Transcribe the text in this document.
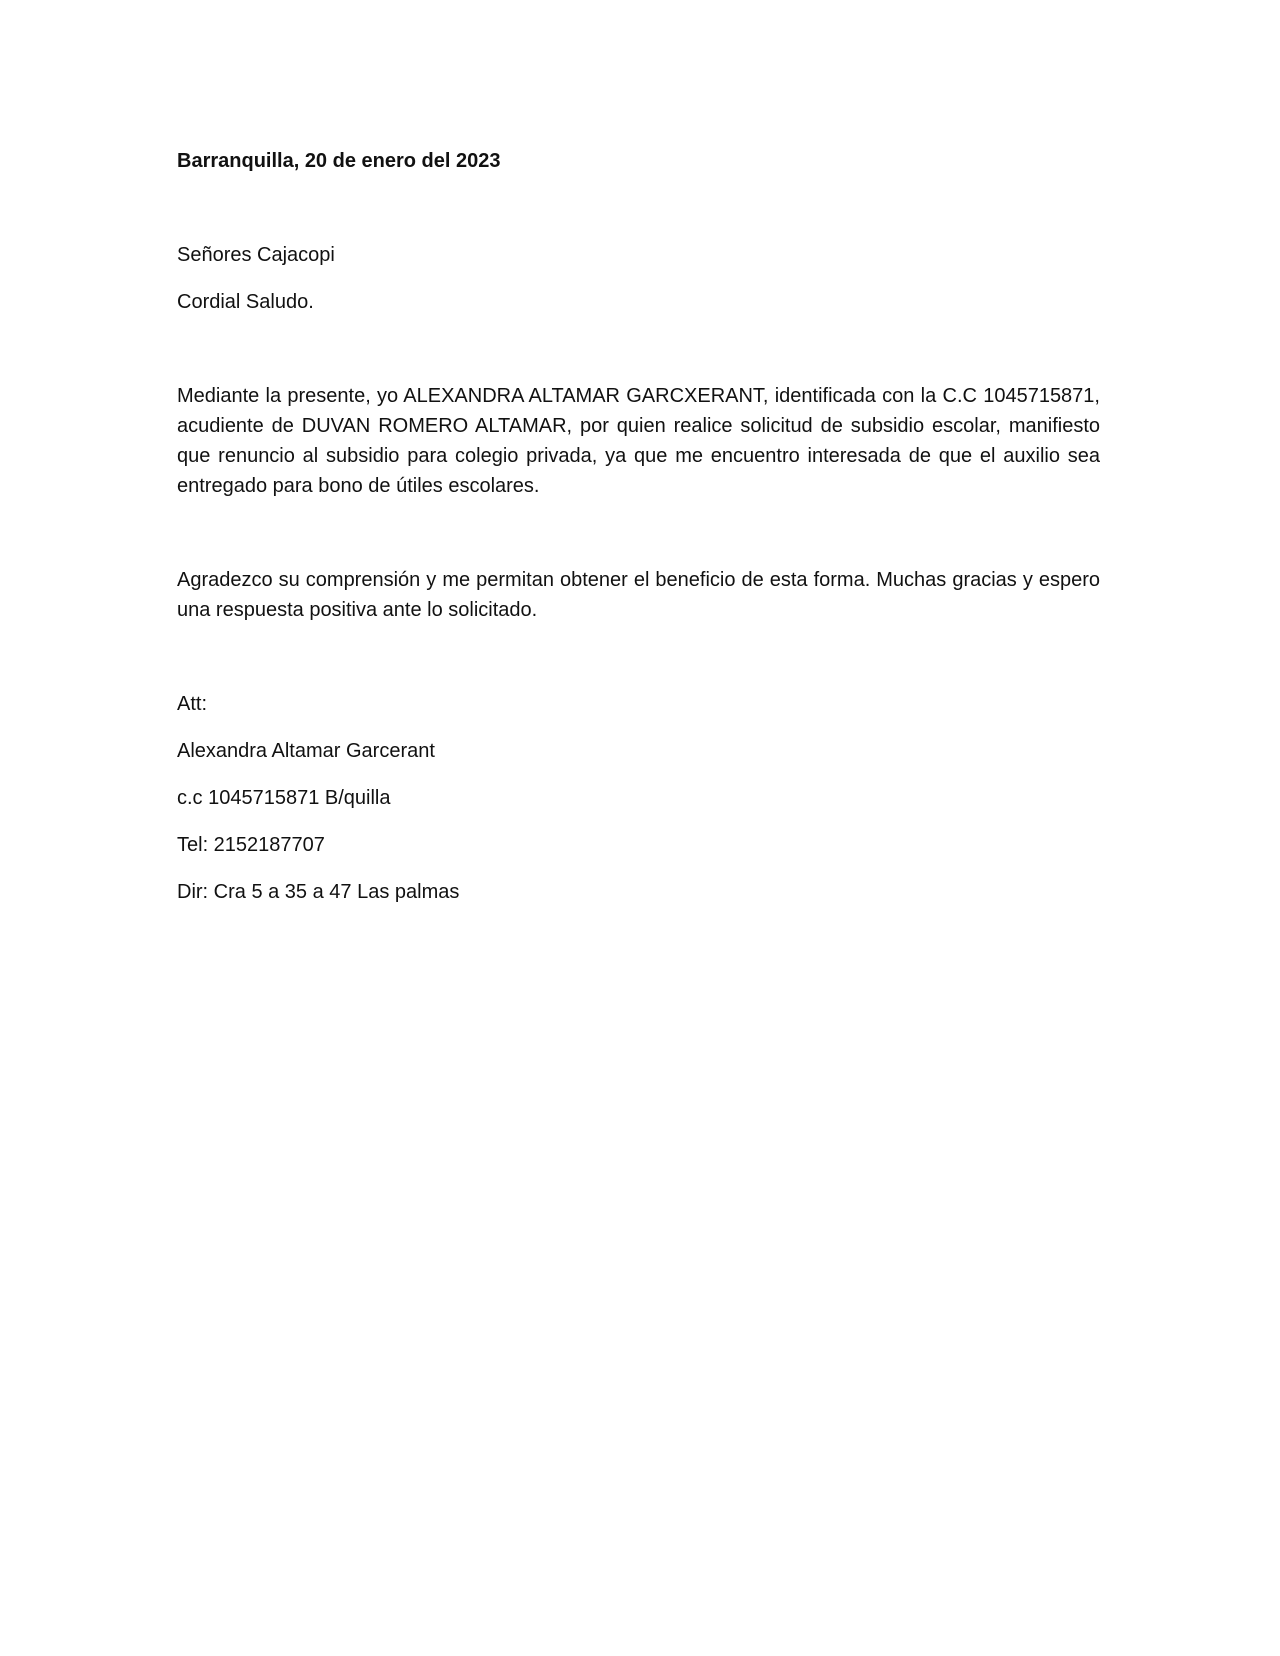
Barranquilla, 20 de enero del 2023

Señores Cajacopi

Cordial Saludo.

Mediante la presente, yo ALEXANDRA ALTAMAR GARCXERANT, identificada con la C.C 1045715871, acudiente de DUVAN ROMERO ALTAMAR, por quien realice solicitud de subsidio escolar, manifiesto que renuncio al subsidio para colegio privada, ya que me encuentro interesada de que el auxilio sea entregado para bono de útiles escolares.

Agradezco su comprensión y me permitan obtener el beneficio de esta forma. Muchas gracias y espero una respuesta positiva ante lo solicitado.

Att:

Alexandra Altamar Garcerant

c.c 1045715871 B/quilla

Tel: 2152187707

Dir: Cra 5 a 35 a 47 Las palmas
